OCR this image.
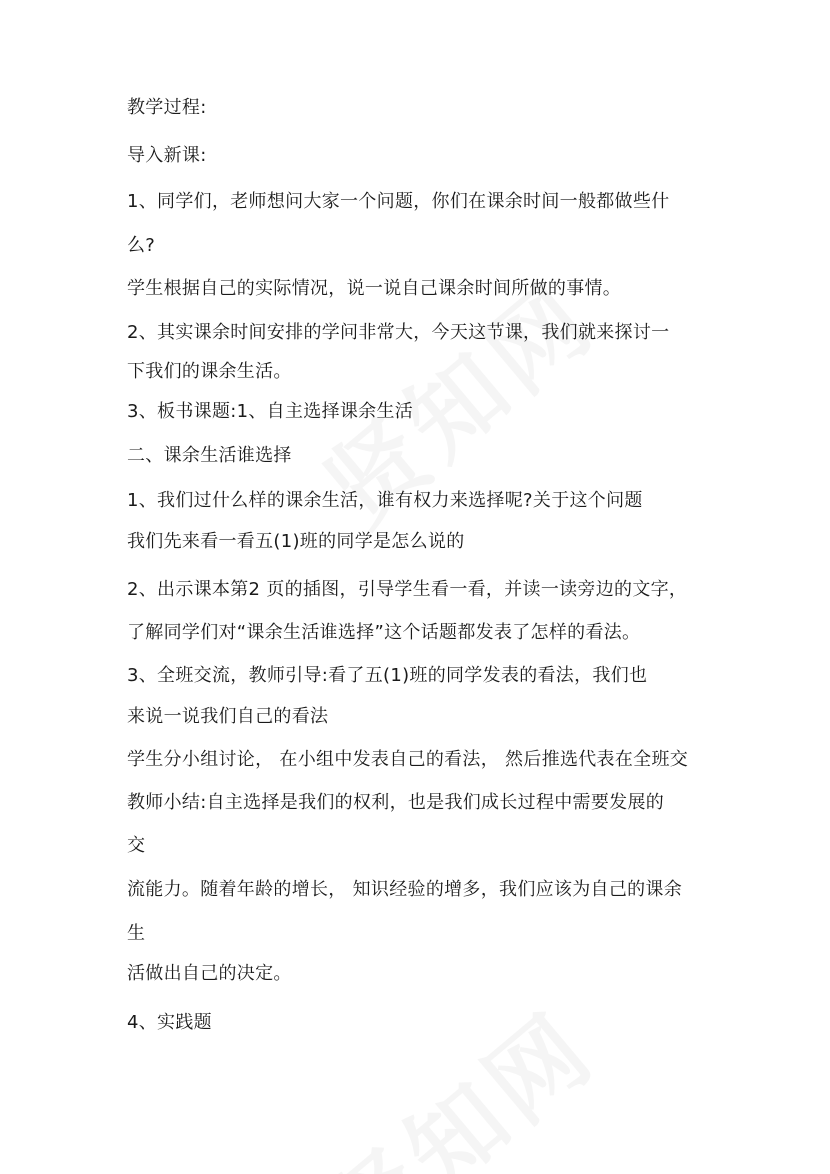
教学过程:
导入新课:
1、同学们，老师想问大家一个问题，你们在课余时间一般都做些什
么?
学生根据自己的实际情况，说一说自己课余时间所做的事情。
2、其实课余时间安排的学问非常大，今天这节课，我们就来探讨一
下我们的课余生活。
3、板书课题:1、自主选择课余生活
二、课余生活谁选择
1、我们过什么样的课余生活，谁有权力来选择呢?关于这个问题
我们先来看一看五(1)班的同学是怎么说的
2、出示课本第2 页的插图，引导学生看一看，并读一读旁边的文字，
了解同学们对“课余生活谁选择”这个话题都发表了怎样的看法。
3、全班交流，教师引导:看了五(1)班的同学发表的看法，我们也
来说一说我们自己的看法
学生分小组讨论， 在小组中发表自己的看法， 然后推选代表在全班交
教师小结:自主选择是我们的权利，也是我们成长过程中需要发展的
交
流能力。随着年龄的增长， 知识经验的增多，我们应该为自己的课余
生
活做出自己的决定。
4、实践题
